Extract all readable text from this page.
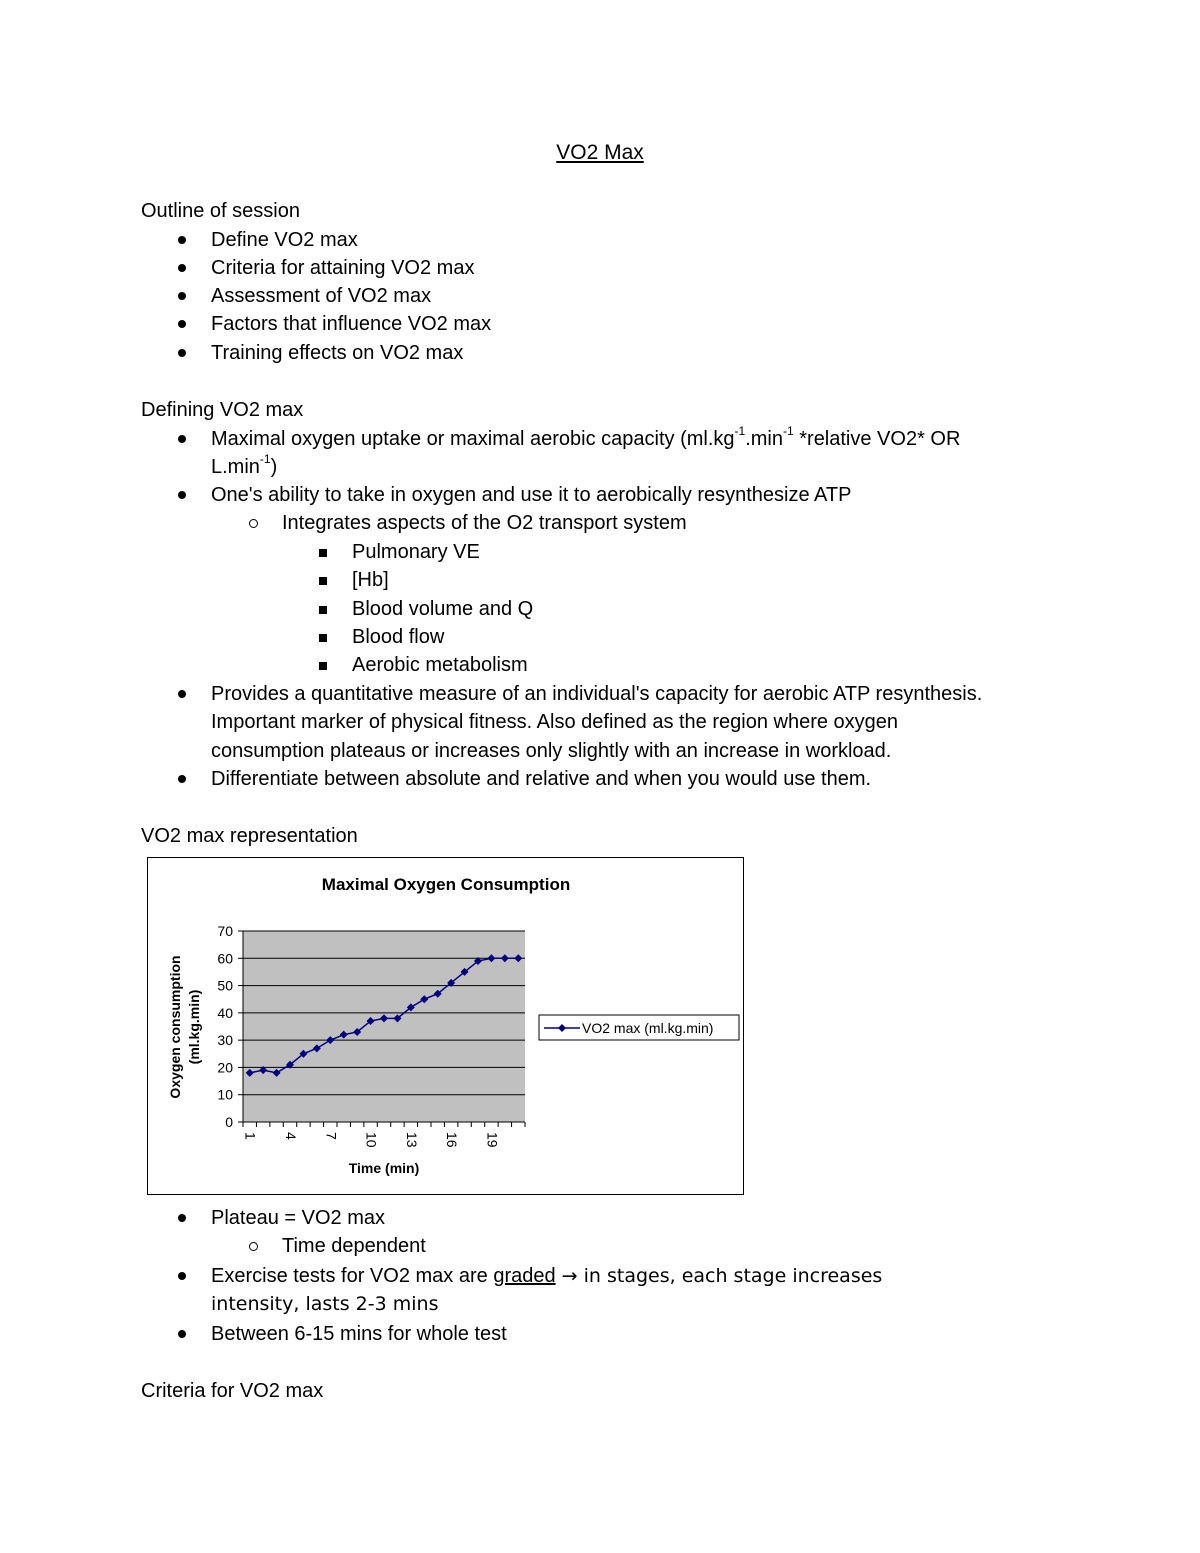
VO2 Max
Outline of session
Define VO2 max
Criteria for attaining VO2 max
Assessment of VO2 max
Factors that influence VO2 max
Training effects on VO2 max
Defining VO2 max
Maximal oxygen uptake or maximal aerobic capacity ($ml.kg^{-1}.\min^{-1}$ *relative VO2* OR
$L.\min^{-1}$)
One's ability to take in oxygen and use it to aerobically resynthesize ATP
Integrates aspects of the O2 transport system
Pulmonary VE
[Hb]
Blood volume and Q
Blood flow
Aerobic metabolism
Provides a quantitative measure of an individual's capacity for aerobic ATP resynthesis.
Important marker of physical fitness. Also defined as the region where oxygen
consumption plateaus or increases only slightly with an increase in workload.
Differentiate between absolute and relative and when you would use them.
VO2 max representation
Maximal Oxygen Consumption
0
10
20
30
40
50
60
70
1 4 7 10 13 16 19
Oxygen consumption (ml.kg.min)
Time (min)
VO2 max (ml.kg.min)
Plateau = VO2 max
Time dependent
Exercise tests for VO2 max are graded → in stages, each stage increases
intensity, lasts 2-3 mins
Between 6-15 mins for whole test
Criteria for VO2 max
